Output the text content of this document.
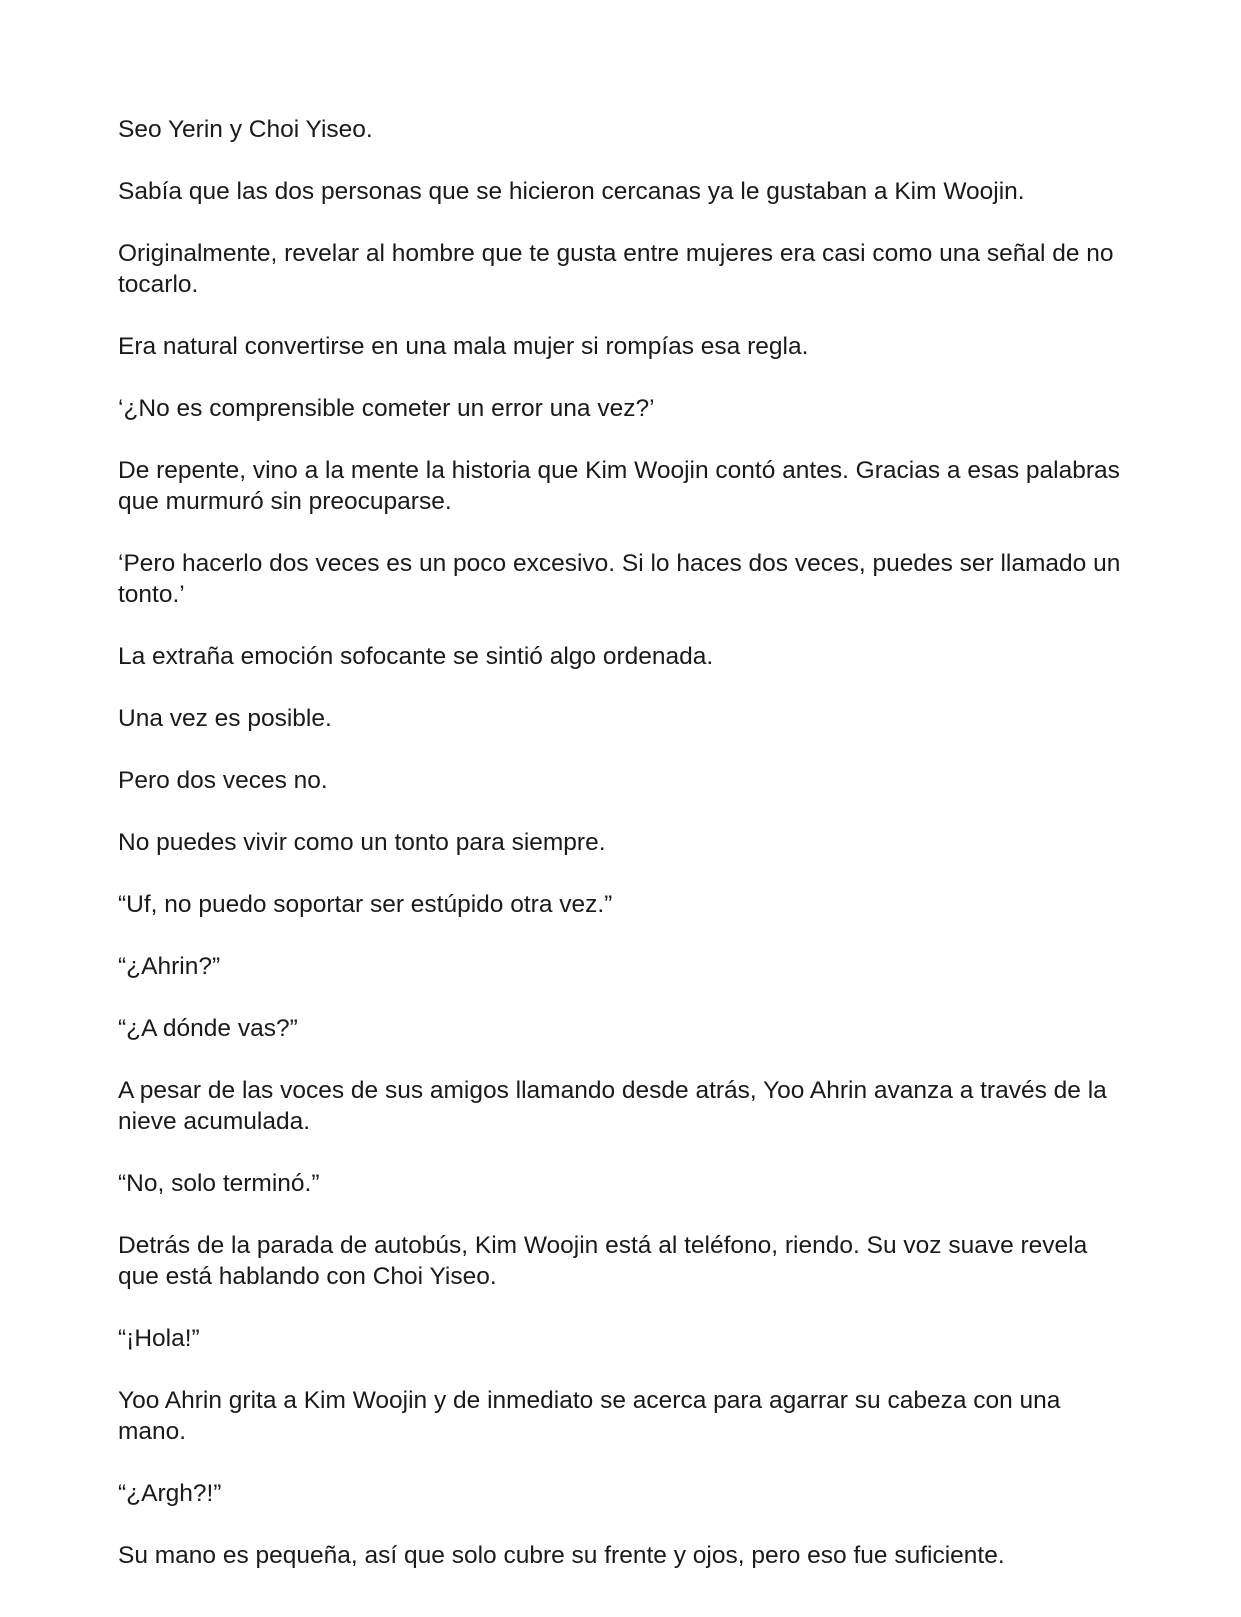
Seo Yerin y Choi Yiseo.

Sabía que las dos personas que se hicieron cercanas ya le gustaban a Kim Woojin.

Originalmente, revelar al hombre que te gusta entre mujeres era casi como una señal de no tocarlo.

Era natural convertirse en una mala mujer si rompías esa regla.

‘¿No es comprensible cometer un error una vez?’

De repente, vino a la mente la historia que Kim Woojin contó antes. Gracias a esas palabras que murmuró sin preocuparse.

‘Pero hacerlo dos veces es un poco excesivo. Si lo haces dos veces, puedes ser llamado un tonto.’

La extraña emoción sofocante se sintió algo ordenada.

Una vez es posible.

Pero dos veces no.

No puedes vivir como un tonto para siempre.

“Uf, no puedo soportar ser estúpido otra vez.”

“¿Ahrin?”

“¿A dónde vas?”

A pesar de las voces de sus amigos llamando desde atrás, Yoo Ahrin avanza a través de la nieve acumulada.

“No, solo terminó.”

Detrás de la parada de autobús, Kim Woojin está al teléfono, riendo. Su voz suave revela que está hablando con Choi Yiseo.

“¡Hola!”

Yoo Ahrin grita a Kim Woojin y de inmediato se acerca para agarrar su cabeza con una mano.

“¿Argh?!”

Su mano es pequeña, así que solo cubre su frente y ojos, pero eso fue suficiente.
